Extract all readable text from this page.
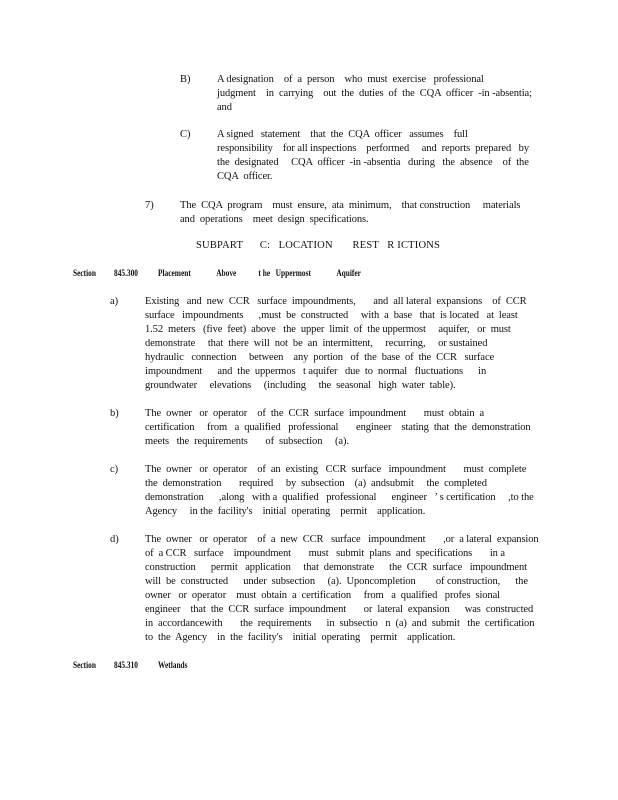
B)	A designation    of  a  person    who  must  exercise   professional
judgment    in  carrying    out  the  duties  of  the  CQA  officer  -in -absentia;
and
C)	A signed   statement    that  the  CQA  officer   assumes    full
responsibility    for all inspections    performed     and  reports  prepared   by
the  designated     CQA  officer  -in -absentia   during   the  absence    of  the
CQA  officer.
7)	The  CQA  program    must  ensure,  ata  minimum,    that construction     materials
and  operations    meet  design  specifications.
SUBPART      C:   LOCATION       REST   R ICTIONS
Section 845.300 Placement              Above            t he   Uppermost              Aquifer
a)	Existing   and  new  CCR   surface  impoundments,       and  all lateral  expansions    of  CCR
surface   impoundments      ,must  be  constructed     with  a  base   that  is located   at  least
1.52  meters   (five  feet)  above   the  upper  limit  of  the uppermost     aquifer,   or  must
demonstrate     that  there  will  not  be  an  intermittent,     recurring,     or sustained
hydraulic   connection     between    any  portion   of  the  base  of  the  CCR   surface
impoundment      and  the  uppermos   t aquifer   due  to  normal   fluctuations      in
groundwater     elevations     (including     the  seasonal   high  water  table).
b)	The  owner   or  operator    of  the  CCR  surface  impoundment       must  obtain  a
certification     from   a  qualified   professional       engineer    stating  that  the  demonstration
meets   the  requirements       of  subsection     (a).
c)	The  owner   or  operator    of  an  existing   CCR  surface   impoundment       must  complete
the  demonstration       required     by  subsection    (a)  andsubmit     the  completed
demonstration      ,along   with a  qualified   professional      engineer   ’ s certification     ,to the
Agency     in the  facility's    initial  operating    permit    application.
d)	The  owner   or  operator    of  a  new  CCR   surface   impoundment       ,or  a lateral  expansion
of  a CCR   surface    impoundment       must   submit  plans  and  specifications       in a
construction      permit   application     that  demonstrate      the  CCR  surface   impoundment
will  be  constructed      under  subsection     (a).  Uponcompletion        of construction,      the
owner   or  operator    must  obtain  a  certification     from   a  qualified   profes  sional
engineer    that  the  CCR  surface  impoundment       or  lateral  expansion      was  constructed
in  accordancewith       the  requirements      in  subsectio   n  (a)  and  submit   the  certification
to  the  Agency    in  the  facility's    initial  operating    permit    application.
Section 845.310 Wetlands
